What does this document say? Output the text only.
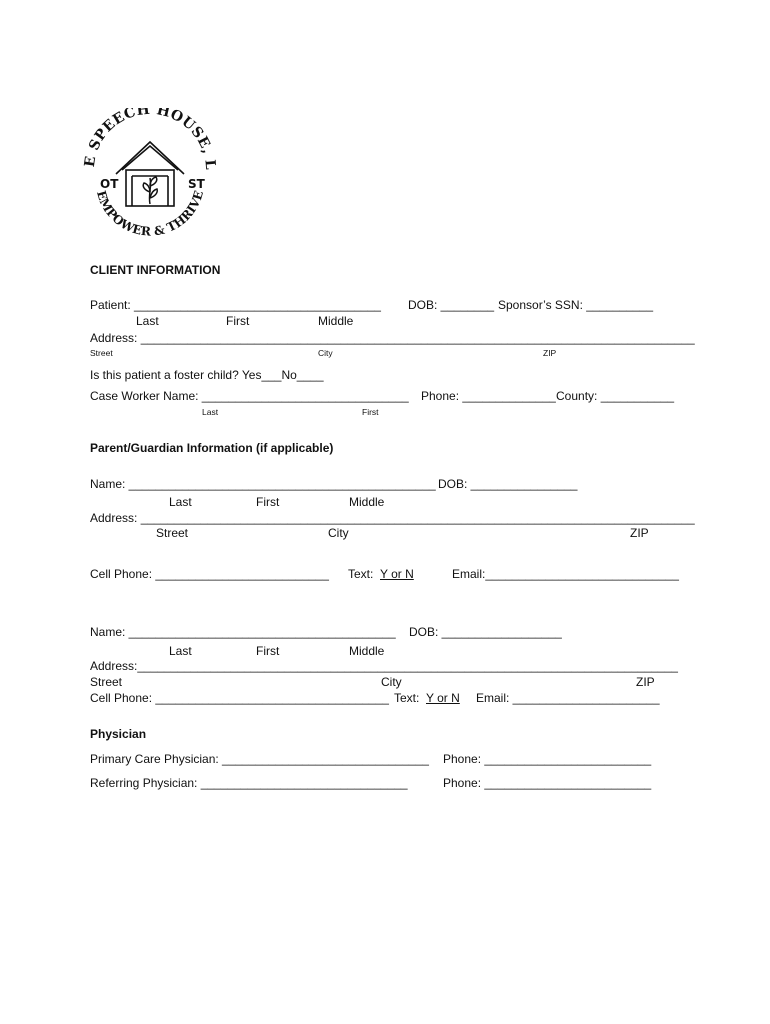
E SPEECH HOUSE, L
EMPOWER & THRIVE
OT	ST
CLIENT INFORMATION
Patient: _____________________________________ DOB: ________ Sponsor’s SSN: __________
Last	First	Middle
Address: ___________________________________________________________________________________
Street	City	ZIP
Is this patient a foster child? Yes___No____
Case Worker Name: _______________________________ Phone: ______________ County: ___________
Last	First
Parent/Guardian Information (if applicable)
Name: ______________________________________________ DOB: ________________
Last	First	Middle
Address: ___________________________________________________________________________________
Street	City	ZIP
Cell Phone: __________________________ Text: Y or N	Email:_____________________________
Name: ________________________________________ DOB: __________________
Last	First	Middle
Address:_________________________________________________________________________________
Street	City	ZIP
Cell Phone: ___________________________________ Text: Y or N Email: ______________________
Physician
Primary Care Physician: _______________________________ Phone: _________________________
Referring Physician: _______________________________	Phone: _________________________
